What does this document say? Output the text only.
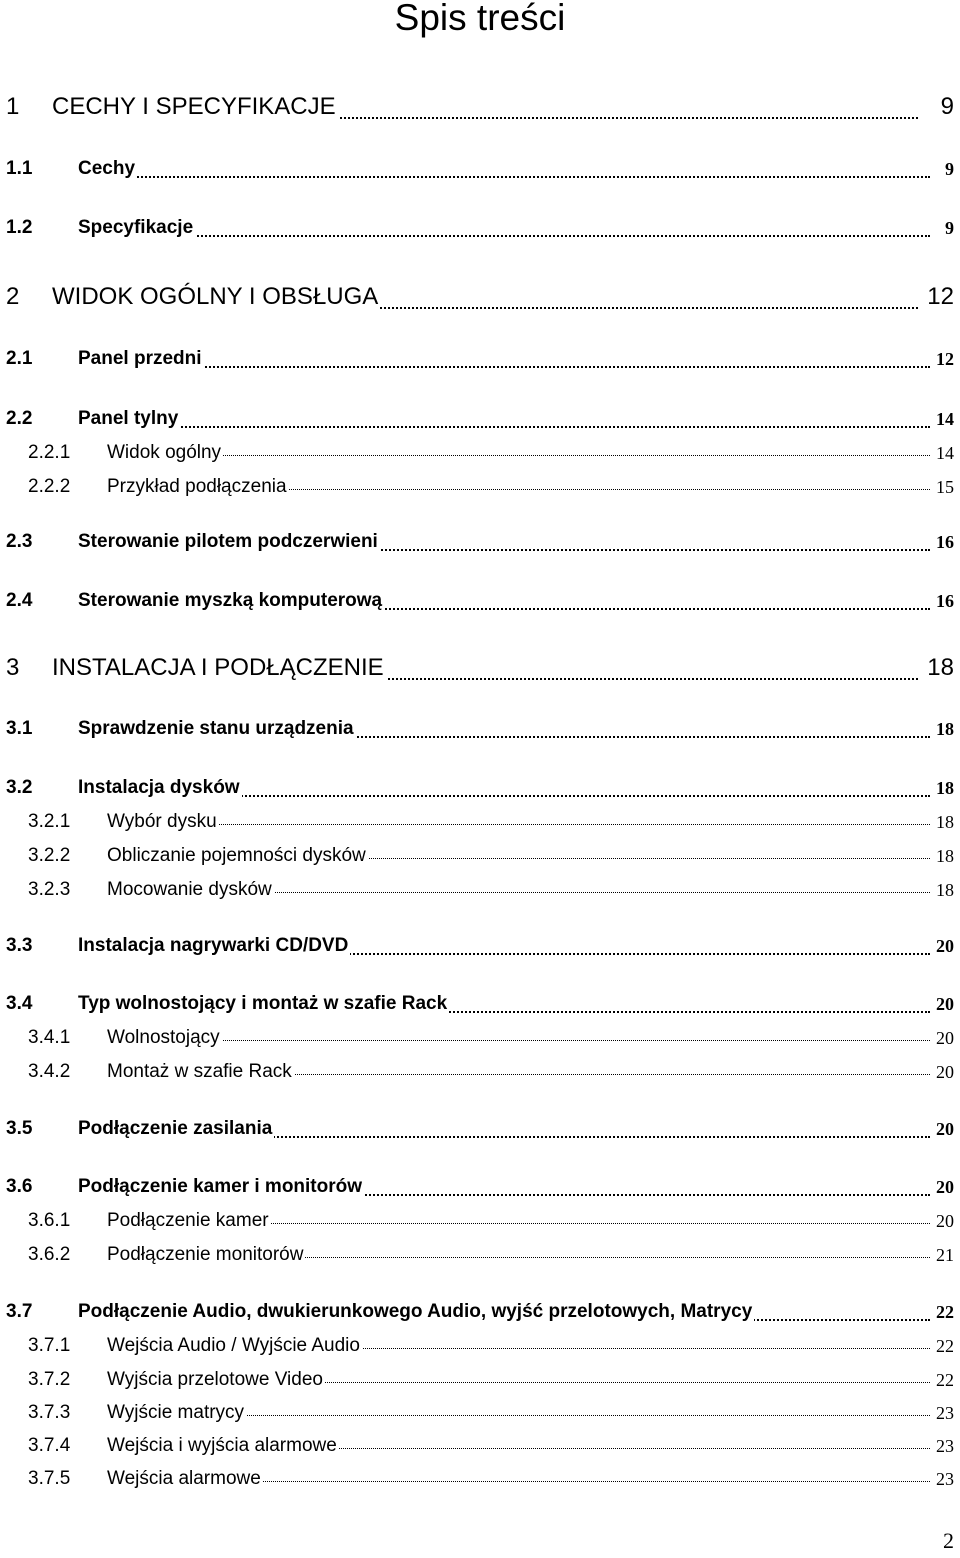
Spis treści
1 CECHY I SPECYFIKACJE	9
1.1 Cechy	9
1.2 Specyfikacje	9
2 WIDOK OGÓLNY I OBSŁUGA	12
2.1 Panel przedni	12
2.2 Panel tylny	14
2.2.1 Widok ogólny	14
2.2.2 Przykład podłączenia	15
2.3 Sterowanie pilotem podczerwieni	16
2.4 Sterowanie myszką komputerową	16
3 INSTALACJA I PODŁĄCZENIE	18
3.1 Sprawdzenie stanu urządzenia	18
3.2 Instalacja dysków	18
3.2.1 Wybór dysku	18
3.2.2 Obliczanie pojemności dysków	18
3.2.3 Mocowanie dysków	18
3.3 Instalacja nagrywarki CD/DVD	20
3.4 Typ wolnostojący i montaż w szafie Rack	20
3.4.1 Wolnostojący	20
3.4.2 Montaż w szafie Rack	20
3.5 Podłączenie zasilania	20
3.6 Podłączenie kamer i monitorów	20
3.6.1 Podłączenie kamer	20
3.6.2 Podłączenie monitorów	21
3.7 Podłączenie Audio, dwukierunkowego Audio, wyjść przelotowych, Matrycy	22
3.7.1 Wejścia Audio / Wyjście Audio	22
3.7.2 Wyjścia przelotowe Video	22
3.7.3 Wyjście matrycy	23
3.7.4 Wejścia i wyjścia alarmowe	23
3.7.5 Wejścia alarmowe	23
2
